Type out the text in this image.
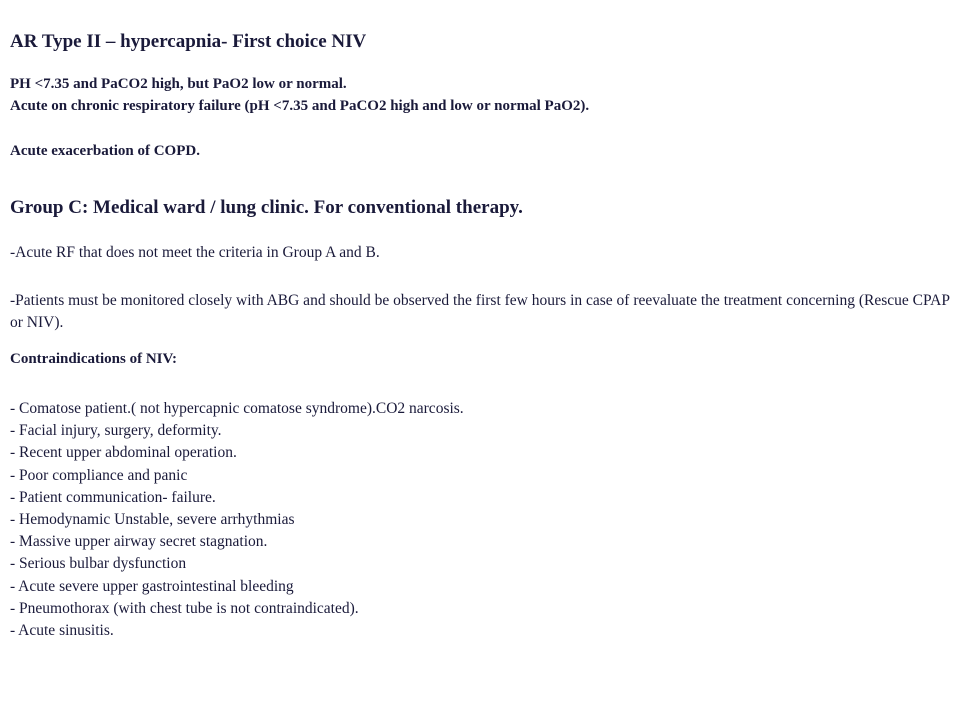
AR Type II – hypercapnia- First choice NIV
PH <7.35 and PaCO2 high, but PaO2 low or normal.
Acute on chronic respiratory failure (pH <7.35 and PaCO2 high and low or normal PaO2).
Acute exacerbation of COPD.
Group C: Medical ward / lung clinic. For conventional therapy.
-Acute RF that does not meet the criteria in Group A and B.
-Patients must be monitored closely with ABG and should be observed the first few hours in case of reevaluate the treatment concerning (Rescue CPAP or NIV).
Contraindications of NIV:
- Comatose patient.( not hypercapnic comatose syndrome).CO2 narcosis.
- Facial injury, surgery, deformity.
- Recent upper abdominal operation.
- Poor compliance and panic
- Patient communication- failure.
- Hemodynamic Unstable, severe arrhythmias
- Massive upper airway secret stagnation.
- Serious bulbar dysfunction
- Acute severe upper gastrointestinal bleeding
- Pneumothorax (with chest tube is not contraindicated).
- Acute sinusitis.
